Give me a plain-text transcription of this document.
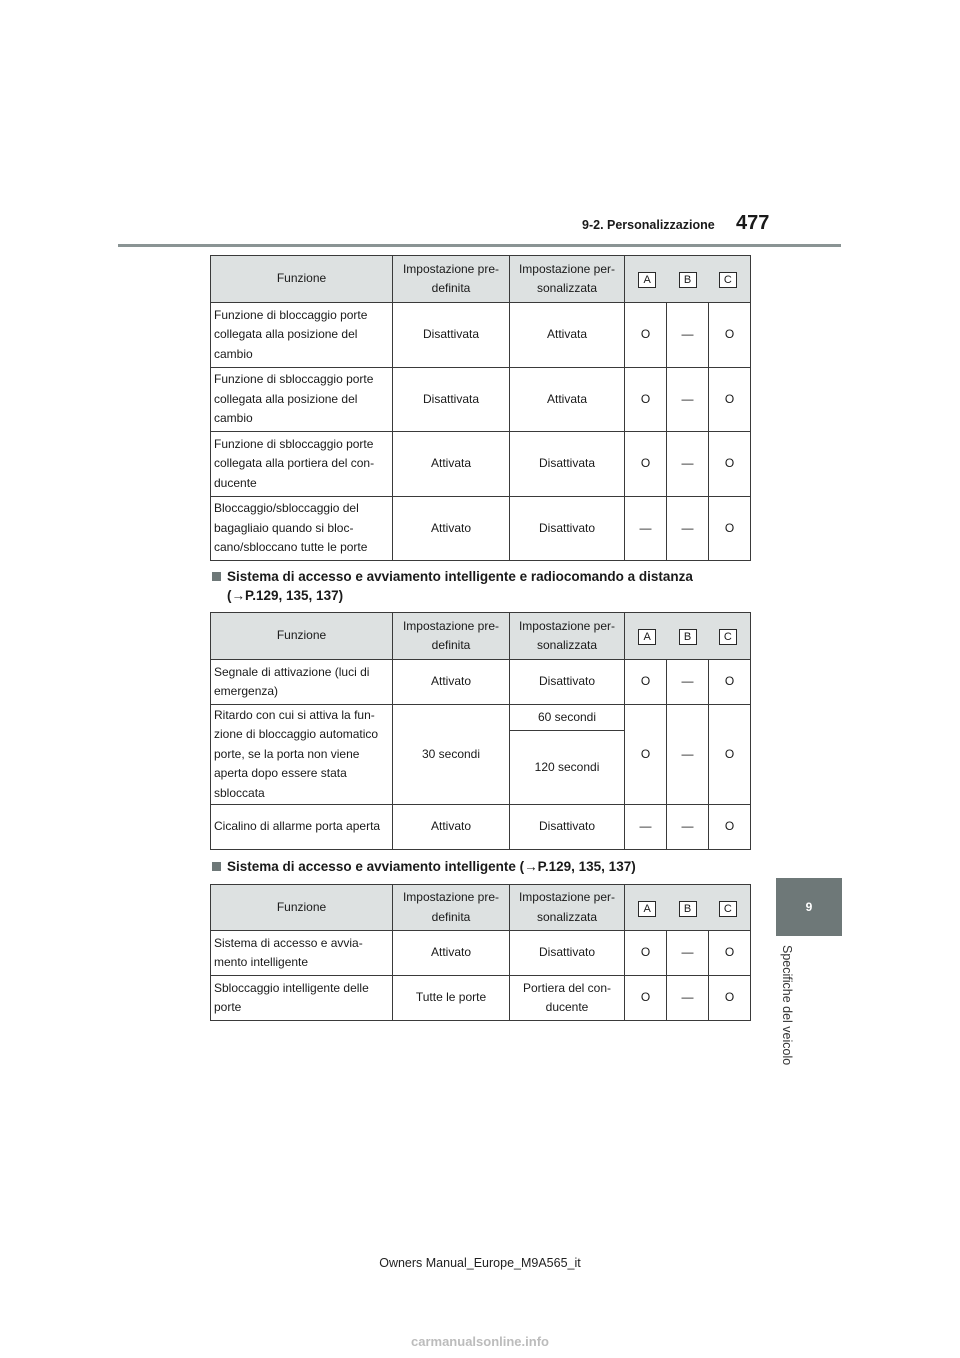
9-2. Personalizzazione 477
9
Specifiche del veicolo
Funzione	Impostazione pre-definita	Impostazione per-sonalizzata	A B C		

Funzione di bloccaggio porte collegata alla posizione del cambio	Disattivata	Attivata	O	—	O
Funzione di sbloccaggio porte collegata alla posizione del cambio	Disattivata	Attivata	O	—	O
Funzione di sbloccaggio porte collegata alla portiera del con-ducente	Attivata	Disattivata	O	—	O
Bloccaggio/sbloccaggio del bagagliaio quando si bloc-cano/sbloccano tutte le porte	Attivato	Disattivato	—	—	O
Sistema di accesso e avviamento intelligente e radiocomando a distanza
(→P.129, 135, 137)
Funzione	Impostazione pre-definita	Impostazione per-sonalizzata	A B C		

Segnale di attivazione (luci di emergenza)	Attivato	Disattivato	O	—	O
Ritardo con cui si attiva la fun-zione di bloccaggio automatico porte, se la porta non viene aperta dopo essere stata sbloccata	30 secondi	60 secondi	O	—	O
		120 secondi			
Cicalino di allarme porta aperta	Attivato	Disattivato	—	—	O
Sistema di accesso e avviamento intelligente (→P.129, 135, 137)
Funzione	Impostazione pre-definita	Impostazione per-sonalizzata	A B C		

Sistema di accesso e avvia-mento intelligente	Attivato	Disattivato	O	—	O
Sbloccaggio intelligente delle porte	Tutte le porte	Portiera del con-ducente	O	—	O
Owners Manual_Europe_M9A565_it
carmanualsonline.info
